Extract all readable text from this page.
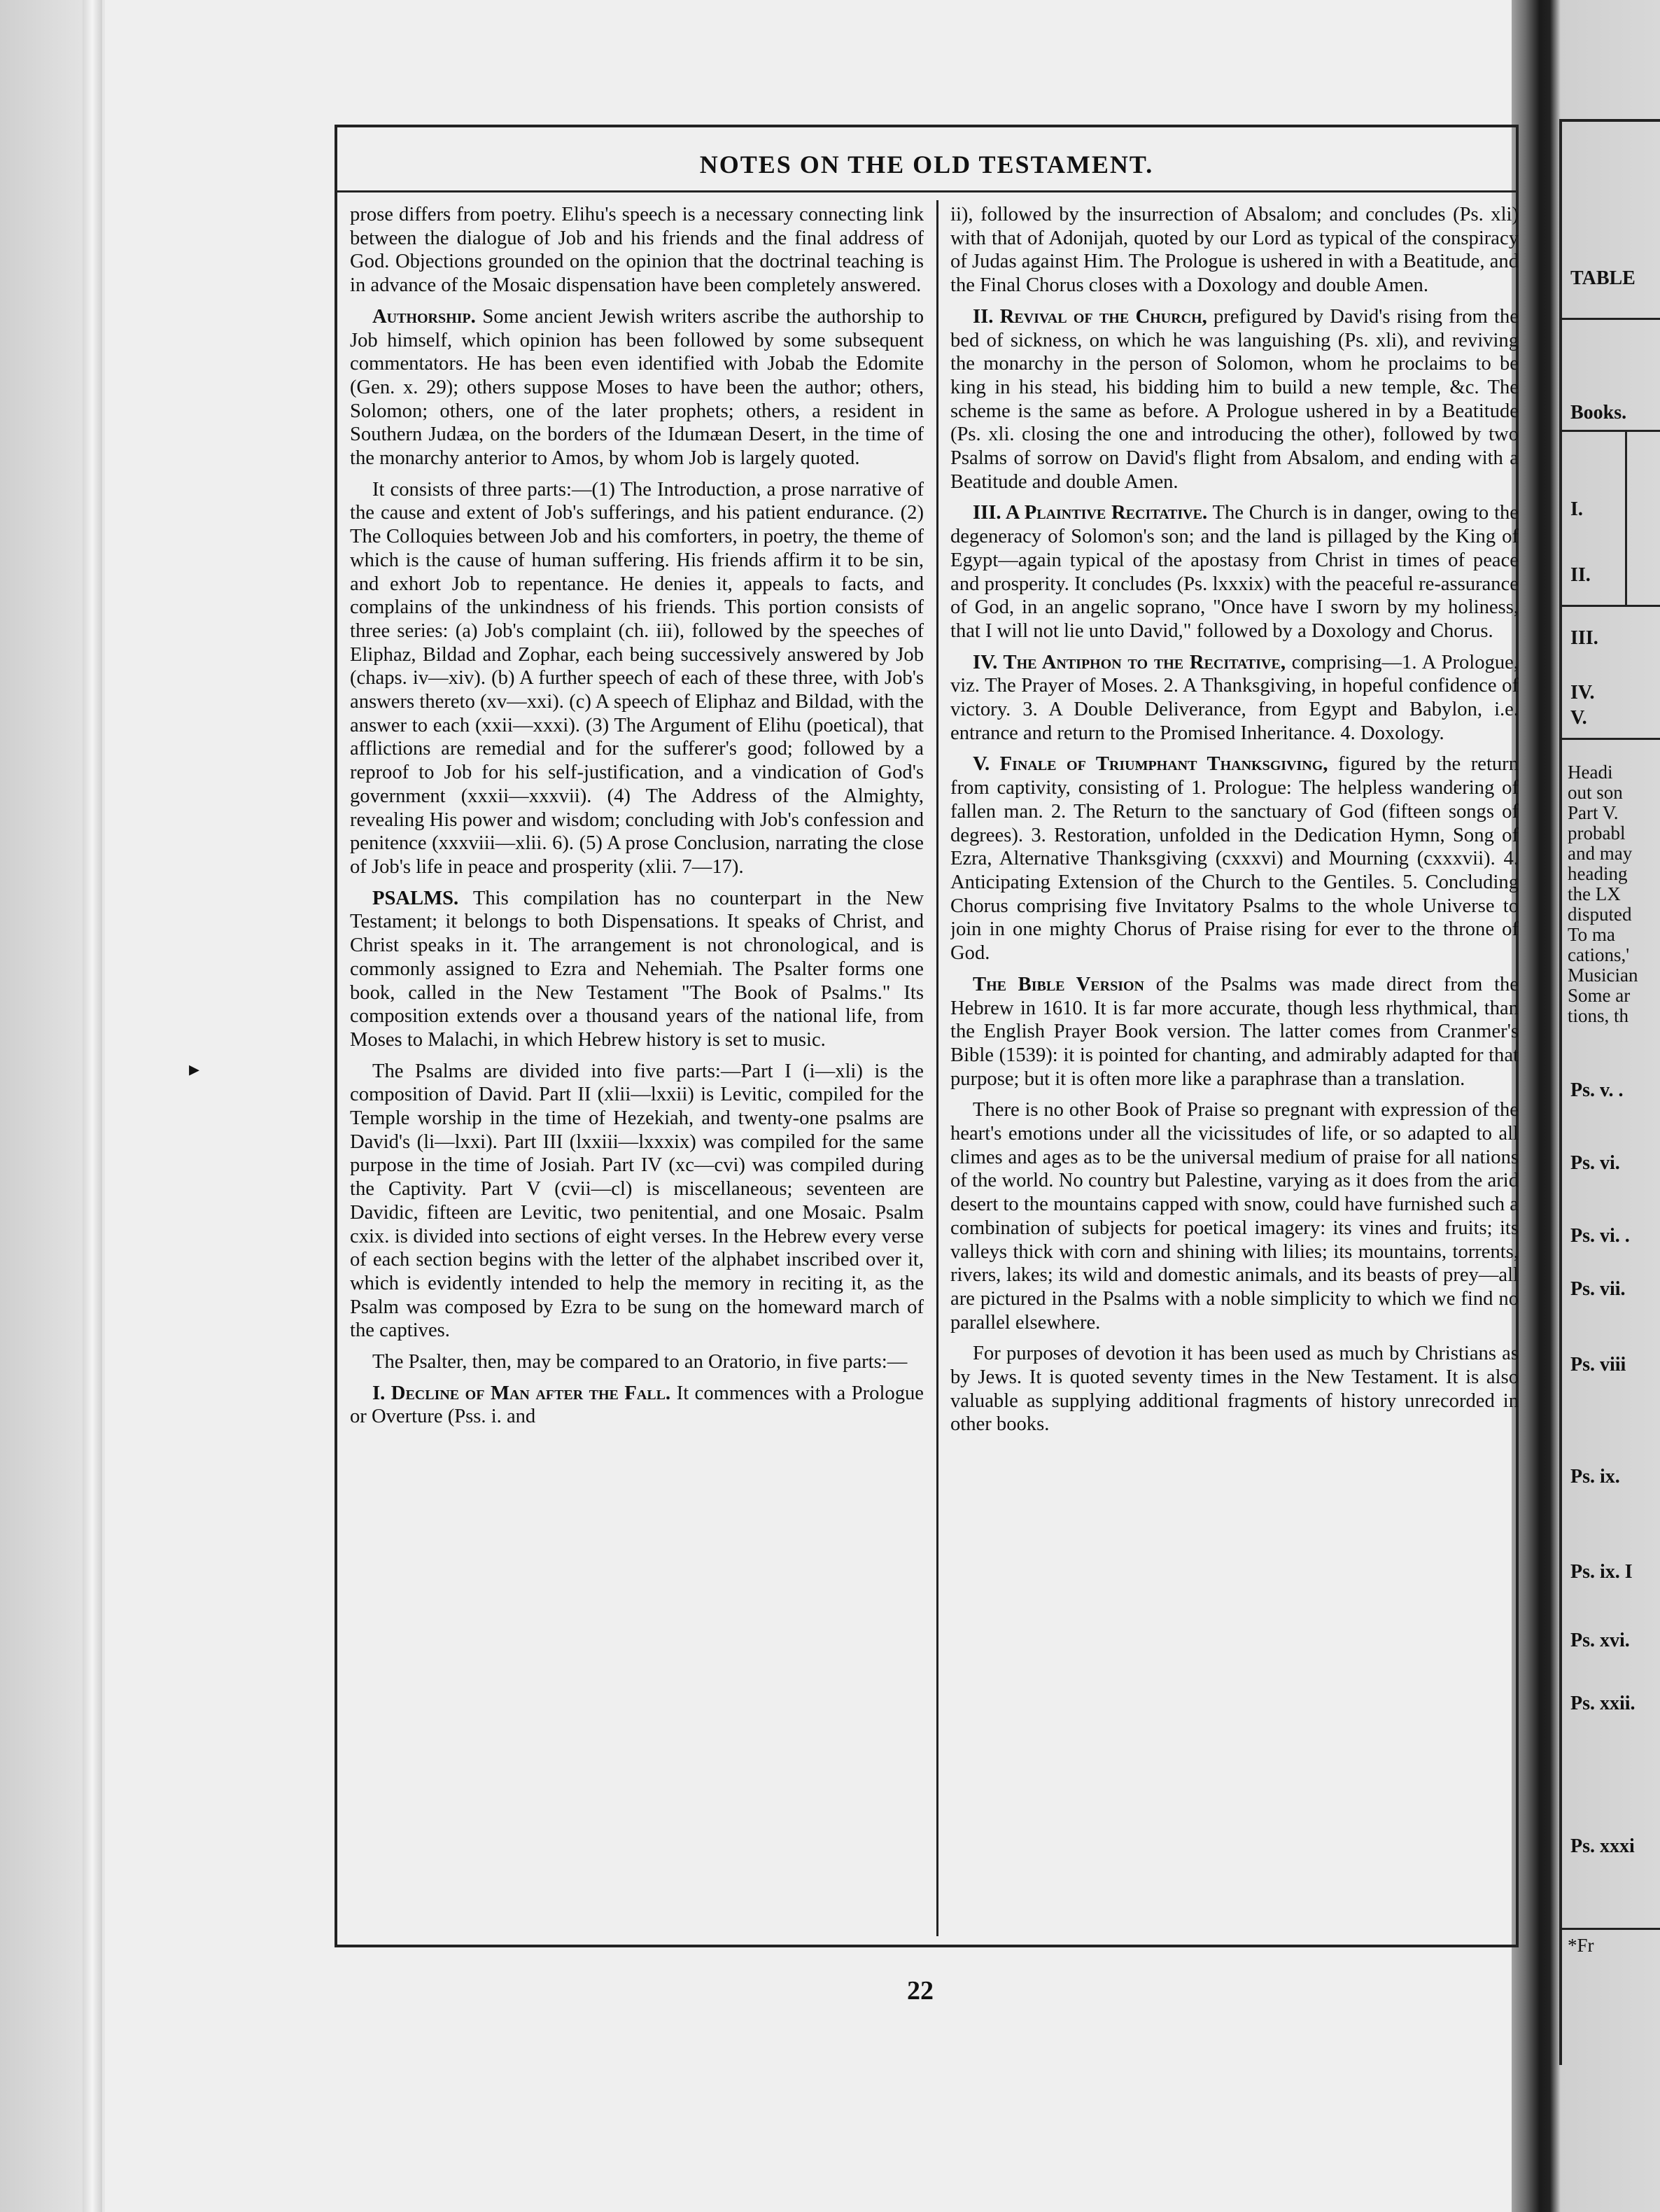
▸
NOTES ON THE OLD TESTAMENT.

prose differs from poetry. Elihu's speech is a necessary connecting link between the dialogue of Job and his friends and the final address of God. Objections grounded on the opinion that the doctrinal teaching is in advance of the Mosaic dispensation have been completely answered.

Authorship. Some ancient Jewish writers ascribe the authorship to Job himself, which opinion has been followed by some subsequent commentators. He has been even identified with Jobab the Edomite (Gen. x. 29); others suppose Moses to have been the author; others, Solomon; others, one of the later prophets; others, a resident in Southern Judæa, on the borders of the Idumæan Desert, in the time of the monarchy anterior to Amos, by whom Job is largely quoted.

It consists of three parts:—(1) The Introduction, a prose narrative of the cause and extent of Job's sufferings, and his patient endurance. (2) The Colloquies between Job and his comforters, in poetry, the theme of which is the cause of human suffering. His friends affirm it to be sin, and exhort Job to repentance. He denies it, appeals to facts, and complains of the unkindness of his friends. This portion consists of three series: (a) Job's complaint (ch. iii), followed by the speeches of Eliphaz, Bildad and Zophar, each being successively answered by Job (chaps. iv—xiv). (b) A further speech of each of these three, with Job's answers thereto (xv—xxi). (c) A speech of Eliphaz and Bildad, with the answer to each (xxii—xxxi). (3) The Argument of Elihu (poetical), that afflictions are remedial and for the sufferer's good; followed by a reproof to Job for his self-justification, and a vindication of God's government (xxxii—xxxvii). (4) The Address of the Almighty, revealing His power and wisdom; concluding with Job's confession and penitence (xxxviii—xlii. 6). (5) A prose Conclusion, narrating the close of Job's life in peace and prosperity (xlii. 7—17).

PSALMS. This compilation has no counterpart in the New Testament; it belongs to both Dispensations. It speaks of Christ, and Christ speaks in it. The arrangement is not chronological, and is commonly assigned to Ezra and Nehemiah. The Psalter forms one book, called in the New Testament "The Book of Psalms." Its composition extends over a thousand years of the national life, from Moses to Malachi, in which Hebrew history is set to music.

The Psalms are divided into five parts:—Part I (i—xli) is the composition of David. Part II (xlii—lxxii) is Levitic, compiled for the Temple worship in the time of Hezekiah, and twenty-one psalms are David's (li—lxxi). Part III (lxxiii—lxxxix) was compiled for the same purpose in the time of Josiah. Part IV (xc—cvi) was compiled during the Captivity. Part V (cvii—cl) is miscellaneous; seventeen are Davidic, fifteen are Levitic, two penitential, and one Mosaic. Psalm cxix. is divided into sections of eight verses. In the Hebrew every verse of each section begins with the letter of the alphabet inscribed over it, which is evidently intended to help the memory in reciting it, as the Psalm was composed by Ezra to be sung on the homeward march of the captives.

The Psalter, then, may be compared to an Oratorio, in five parts:—

I. Decline of Man after the Fall. It commences with a Prologue or Overture (Pss. i. and

ii), followed by the insurrection of Absalom; and concludes (Ps. xli) with that of Adonijah, quoted by our Lord as typical of the conspiracy of Judas against Him. The Prologue is ushered in with a Beatitude, and the Final Chorus closes with a Doxology and double Amen.

II. Revival of the Church, prefigured by David's rising from the bed of sickness, on which he was languishing (Ps. xli), and reviving the monarchy in the person of Solomon, whom he proclaims to be king in his stead, his bidding him to build a new temple, &c. The scheme is the same as before. A Prologue ushered in by a Beatitude (Ps. xli. closing the one and introducing the other), followed by two Psalms of sorrow on David's flight from Absalom, and ending with a Beatitude and double Amen.

III. A Plaintive Recitative. The Church is in danger, owing to the degeneracy of Solomon's son; and the land is pillaged by the King of Egypt—again typical of the apostasy from Christ in times of peace and prosperity. It concludes (Ps. lxxxix) with the peaceful re-assurance of God, in an angelic soprano, "Once have I sworn by my holiness, that I will not lie unto David," followed by a Doxology and Chorus.

IV. The Antiphon to the Recitative, comprising—1. A Prologue, viz. The Prayer of Moses. 2. A Thanksgiving, in hopeful confidence of victory. 3. A Double Deliverance, from Egypt and Babylon, i.e. entrance and return to the Promised Inheritance. 4. Doxology.

V. Finale of Triumphant Thanksgiving, figured by the return from captivity, consisting of 1. Prologue: The helpless wandering of fallen man. 2. The Return to the sanctuary of God (fifteen songs of degrees). 3. Restoration, unfolded in the Dedication Hymn, Song of Ezra, Alternative Thanksgiving (cxxxvi) and Mourning (cxxxvii). 4. Anticipating Extension of the Church to the Gentiles. 5. Concluding Chorus comprising five Invitatory Psalms to the whole Universe to join in one mighty Chorus of Praise rising for ever to the throne of God.

The Bible Version of the Psalms was made direct from the Hebrew in 1610. It is far more accurate, though less rhythmical, than the English Prayer Book version. The latter comes from Cranmer's Bible (1539): it is pointed for chanting, and admirably adapted for that purpose; but it is often more like a paraphrase than a translation.

There is no other Book of Praise so pregnant with expression of the heart's emotions under all the vicissitudes of life, or so adapted to all climes and ages as to be the universal medium of praise for all nations of the world. No country but Palestine, varying as it does from the arid desert to the mountains capped with snow, could have furnished such a combination of subjects for poetical imagery: its vines and fruits; its valleys thick with corn and shining with lilies; its mountains, torrents, rivers, lakes; its wild and domestic animals, and its beasts of prey—all are pictured in the Psalms with a noble simplicity to which we find no parallel elsewhere.

For purposes of devotion it has been used as much by Christians as by Jews. It is quoted seventy times in the New Testament. It is also valuable as supplying additional fragments of history unrecorded in other books.

22
TABLE
Books.
I.
II.
III.
IV.
V.
Headi
out son
Part V.
probabl
and may
heading
the LX
disputed
To ma
cations,'
Musician
Some ar
tions, th
Ps. v. .
Ps. vi.
Ps. vi. .
Ps. vii.
Ps. viii
Ps. ix.
Ps. ix. I
Ps. xvi.
Ps. xxii.
Ps. xxxi
*Fr
